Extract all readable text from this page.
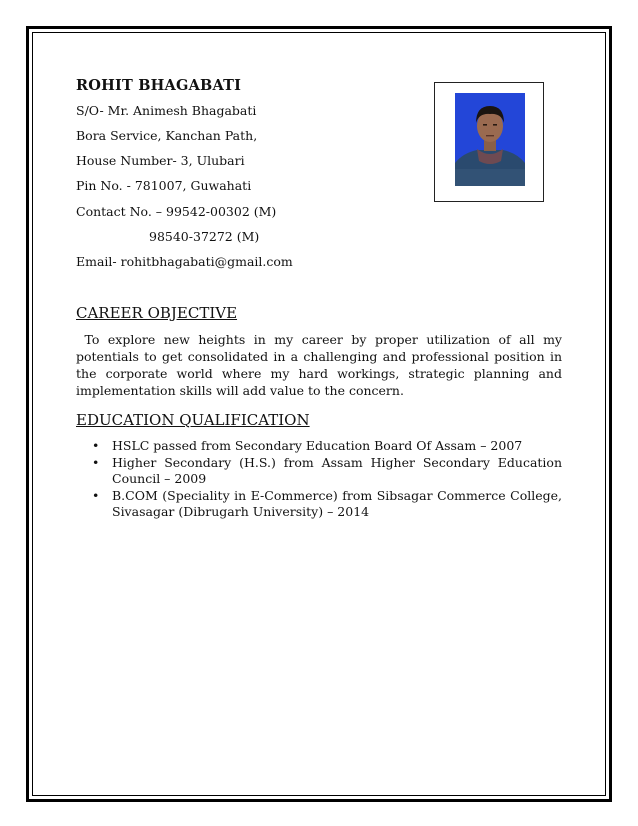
ROHIT BHAGABATI
S/O- Mr. Animesh Bhagabati
Bora Service, Kanchan Path,
House Number- 3, Ulubari
Pin No. - 781007, Guwahati
Contact No. – 99542-00302 (M)
98540-37272 (M)
Email- rohitbhagabati@gmail.com
CAREER OBJECTIVE
To explore new heights in my career by proper utilization of all my potentials to get consolidated in a challenging and professional position in the corporate world where my hard workings, strategic planning and implementation skills will add value to the concern.
EDUCATION QUALIFICATION
• HSLC passed from Secondary Education Board Of Assam – 2007
• Higher Secondary (H.S.) from Assam Higher Secondary Education Council – 2009
• B.COM (Speciality in E-Commerce) from Sibsagar Commerce College, Sivasagar (Dibrugarh University) – 2014
